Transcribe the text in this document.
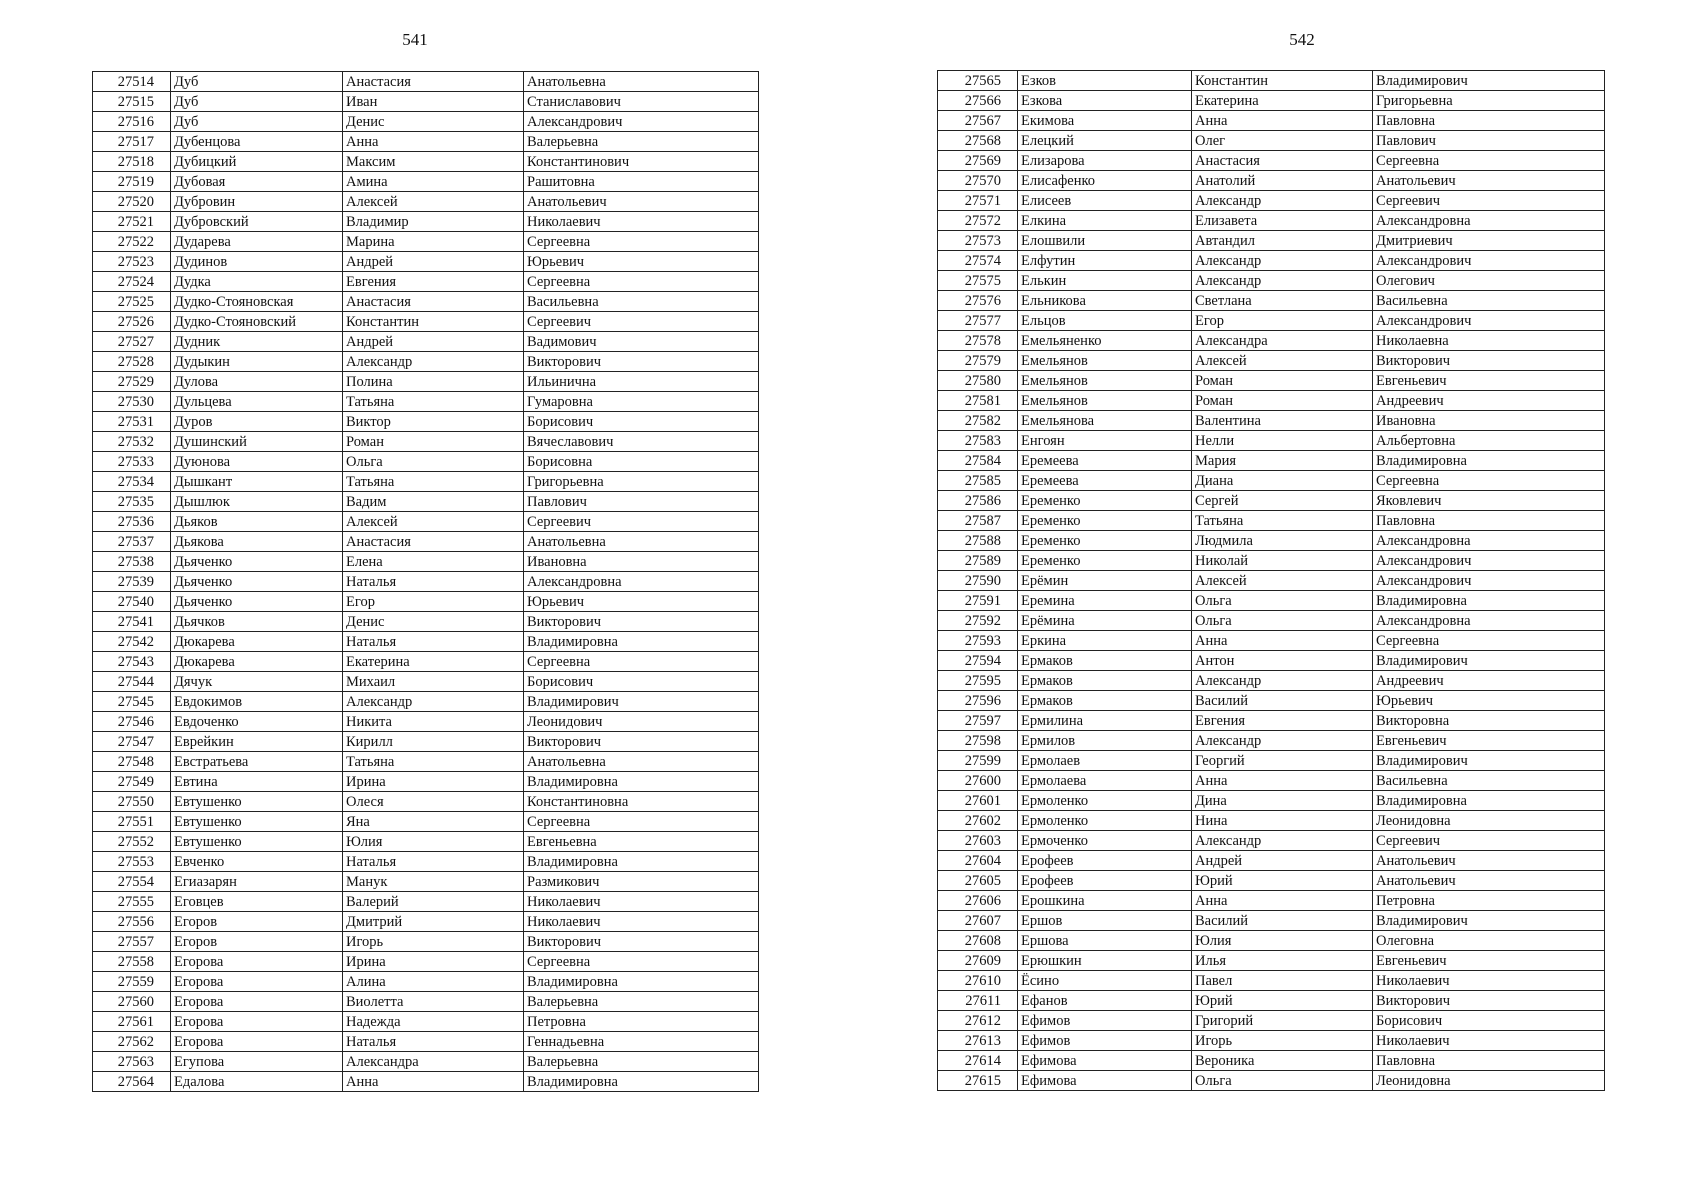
541
27514	Дуб	Анастасия	Анатольевна
27515	Дуб	Иван	Станиславович
27516	Дуб	Денис	Александрович
27517	Дубенцова	Анна	Валерьевна
27518	Дубицкий	Максим	Константинович
27519	Дубовая	Амина	Рашитовна
27520	Дубровин	Алексей	Анатольевич
27521	Дубровский	Владимир	Николаевич
27522	Дударева	Марина	Сергеевна
27523	Дудинов	Андрей	Юрьевич
27524	Дудка	Евгения	Сергеевна
27525	Дудко-Стояновская	Анастасия	Васильевна
27526	Дудко-Стояновский	Константин	Сергеевич
27527	Дудник	Андрей	Вадимович
27528	Дудыкин	Александр	Викторович
27529	Дулова	Полина	Ильинична
27530	Дульцева	Татьяна	Гумаровна
27531	Дуров	Виктор	Борисович
27532	Душинский	Роман	Вячеславович
27533	Дуюнова	Ольга	Борисовна
27534	Дышкант	Татьяна	Григорьевна
27535	Дышлюк	Вадим	Павлович
27536	Дьяков	Алексей	Сергеевич
27537	Дьякова	Анастасия	Анатольевна
27538	Дьяченко	Елена	Ивановна
27539	Дьяченко	Наталья	Александровна
27540	Дьяченко	Егор	Юрьевич
27541	Дьячков	Денис	Викторович
27542	Дюкарева	Наталья	Владимировна
27543	Дюкарева	Екатерина	Сергеевна
27544	Дячук	Михаил	Борисович
27545	Евдокимов	Александр	Владимирович
27546	Евдоченко	Никита	Леонидович
27547	Еврейкин	Кирилл	Викторович
27548	Евстратьева	Татьяна	Анатольевна
27549	Евтина	Ирина	Владимировна
27550	Евтушенко	Олеся	Константиновна
27551	Евтушенко	Яна	Сергеевна
27552	Евтушенко	Юлия	Евгеньевна
27553	Евченко	Наталья	Владимировна
27554	Егиазарян	Манук	Размикович
27555	Еговцев	Валерий	Николаевич
27556	Егоров	Дмитрий	Николаевич
27557	Егоров	Игорь	Викторович
27558	Егорова	Ирина	Сергеевна
27559	Егорова	Алина	Владимировна
27560	Егорова	Виолетта	Валерьевна
27561	Егорова	Надежда	Петровна
27562	Егорова	Наталья	Геннадьевна
27563	Егупова	Александра	Валерьевна
27564	Едалова	Анна	Владимировна
542
27565	Езков	Константин	Владимирович
27566	Езкова	Екатерина	Григорьевна
27567	Екимова	Анна	Павловна
27568	Елецкий	Олег	Павлович
27569	Елизарова	Анастасия	Сергеевна
27570	Елисафенко	Анатолий	Анатольевич
27571	Елисеев	Александр	Сергеевич
27572	Елкина	Елизавета	Александровна
27573	Елошвили	Автандил	Дмитриевич
27574	Елфутин	Александр	Александрович
27575	Елькин	Александр	Олегович
27576	Ельникова	Светлана	Васильевна
27577	Ельцов	Егор	Александрович
27578	Емельяненко	Александра	Николаевна
27579	Емельянов	Алексей	Викторович
27580	Емельянов	Роман	Евгеньевич
27581	Емельянов	Роман	Андреевич
27582	Емельянова	Валентина	Ивановна
27583	Енгоян	Нелли	Альбертовна
27584	Еремеева	Мария	Владимировна
27585	Еремеева	Диана	Сергеевна
27586	Еременко	Сергей	Яковлевич
27587	Еременко	Татьяна	Павловна
27588	Еременко	Людмила	Александровна
27589	Еременко	Николай	Александрович
27590	Ерёмин	Алексей	Александрович
27591	Еремина	Ольга	Владимировна
27592	Ерёмина	Ольга	Александровна
27593	Еркина	Анна	Сергеевна
27594	Ермаков	Антон	Владимирович
27595	Ермаков	Александр	Андреевич
27596	Ермаков	Василий	Юрьевич
27597	Ермилина	Евгения	Викторовна
27598	Ермилов	Александр	Евгеньевич
27599	Ермолаев	Георгий	Владимирович
27600	Ермолаева	Анна	Васильевна
27601	Ермоленко	Дина	Владимировна
27602	Ермоленко	Нина	Леонидовна
27603	Ермоченко	Александр	Сергеевич
27604	Ерофеев	Андрей	Анатольевич
27605	Ерофеев	Юрий	Анатольевич
27606	Ерошкина	Анна	Петровна
27607	Ершов	Василий	Владимирович
27608	Ершова	Юлия	Олеговна
27609	Ерюшкин	Илья	Евгеньевич
27610	Ёсино	Павел	Николаевич
27611	Ефанов	Юрий	Викторович
27612	Ефимов	Григорий	Борисович
27613	Ефимов	Игорь	Николаевич
27614	Ефимова	Вероника	Павловна
27615	Ефимова	Ольга	Леонидовна
